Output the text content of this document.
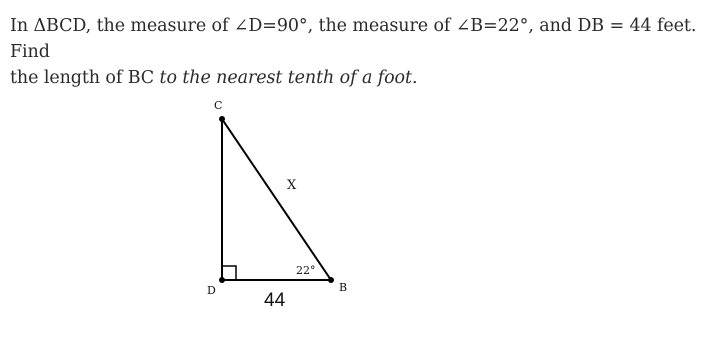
In ΔBCD, the measure of ∠D=90°, the measure of ∠B=22°, and DB = 44 feet. Find
the length of BC to the nearest tenth of a foot.
C
D	B
X
22°
44
